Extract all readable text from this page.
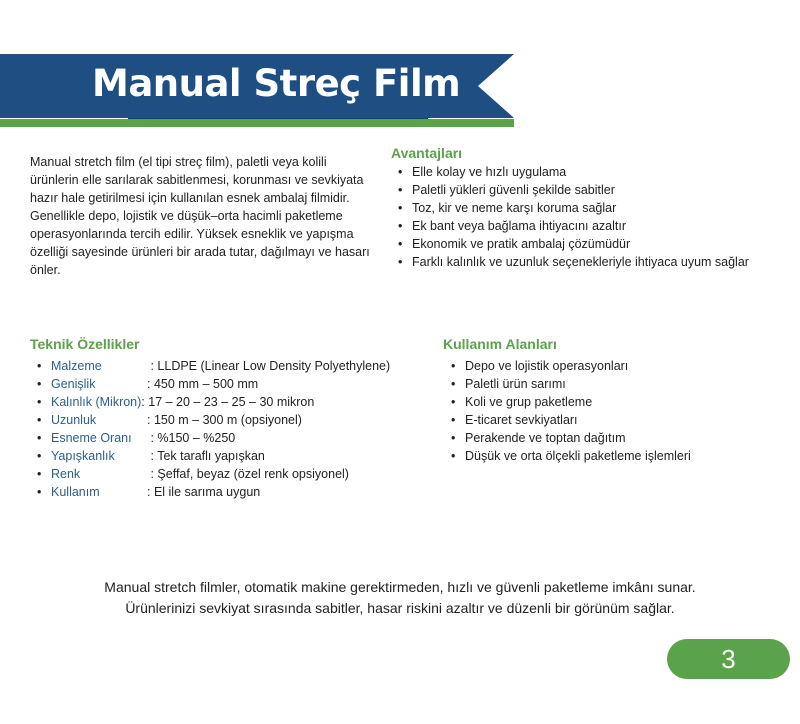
Manual Streç Film
Manual stretch film (el tipi streç film), paletli veya kolili ürünlerin elle sarılarak sabitlenmesi, korunması ve sevkiyata hazır hale getirilmesi için kullanılan esnek ambalaj filmidir. Genellikle depo, lojistik ve düşük–orta hacimli paketleme operasyonlarında tercih edilir. Yüksek esneklik ve yapışma özelliği sayesinde ürünleri bir arada tutar, dağılmayı ve hasarı önler.
Avantajları
• Elle kolay ve hızlı uygulama
• Paletli yükleri güvenli şekilde sabitler
• Toz, kir ve neme karşı koruma sağlar
• Ek bant veya bağlama ihtiyacını azaltır
• Ekonomik ve pratik ambalaj çözümüdür
• Farklı kalınlık ve uzunluk seçenekleriyle ihtiyaca uyum sağlar
Teknik Özellikler
• Malzeme	: LLDPE (Linear Low Density Polyethylene)
• Genişlik	: 450 mm – 500 mm
• Kalınlık (Mikron): 17 – 20 – 23 – 25 – 30 mikron
• Uzunluk	: 150 m – 300 m (opsiyonel)
• Esneme Oranı : %150 – %250
• Yapışkanlık	: Tek taraflı yapışkan
• Renk	: Şeffaf, beyaz (özel renk opsiyonel)
• Kullanım	: El ile sarıma uygun
Kullanım Alanları
• Depo ve lojistik operasyonları
• Paletli ürün sarımı
• Koli ve grup paketleme
• E-ticaret sevkiyatları
• Perakende ve toptan dağıtım
• Düşük ve orta ölçekli paketleme işlemleri
Manual stretch filmler, otomatik makine gerektirmeden, hızlı ve güvenli paketleme imkânı sunar.
Ürünlerinizi sevkiyat sırasında sabitler, hasar riskini azaltır ve düzenli bir görünüm sağlar.
3
